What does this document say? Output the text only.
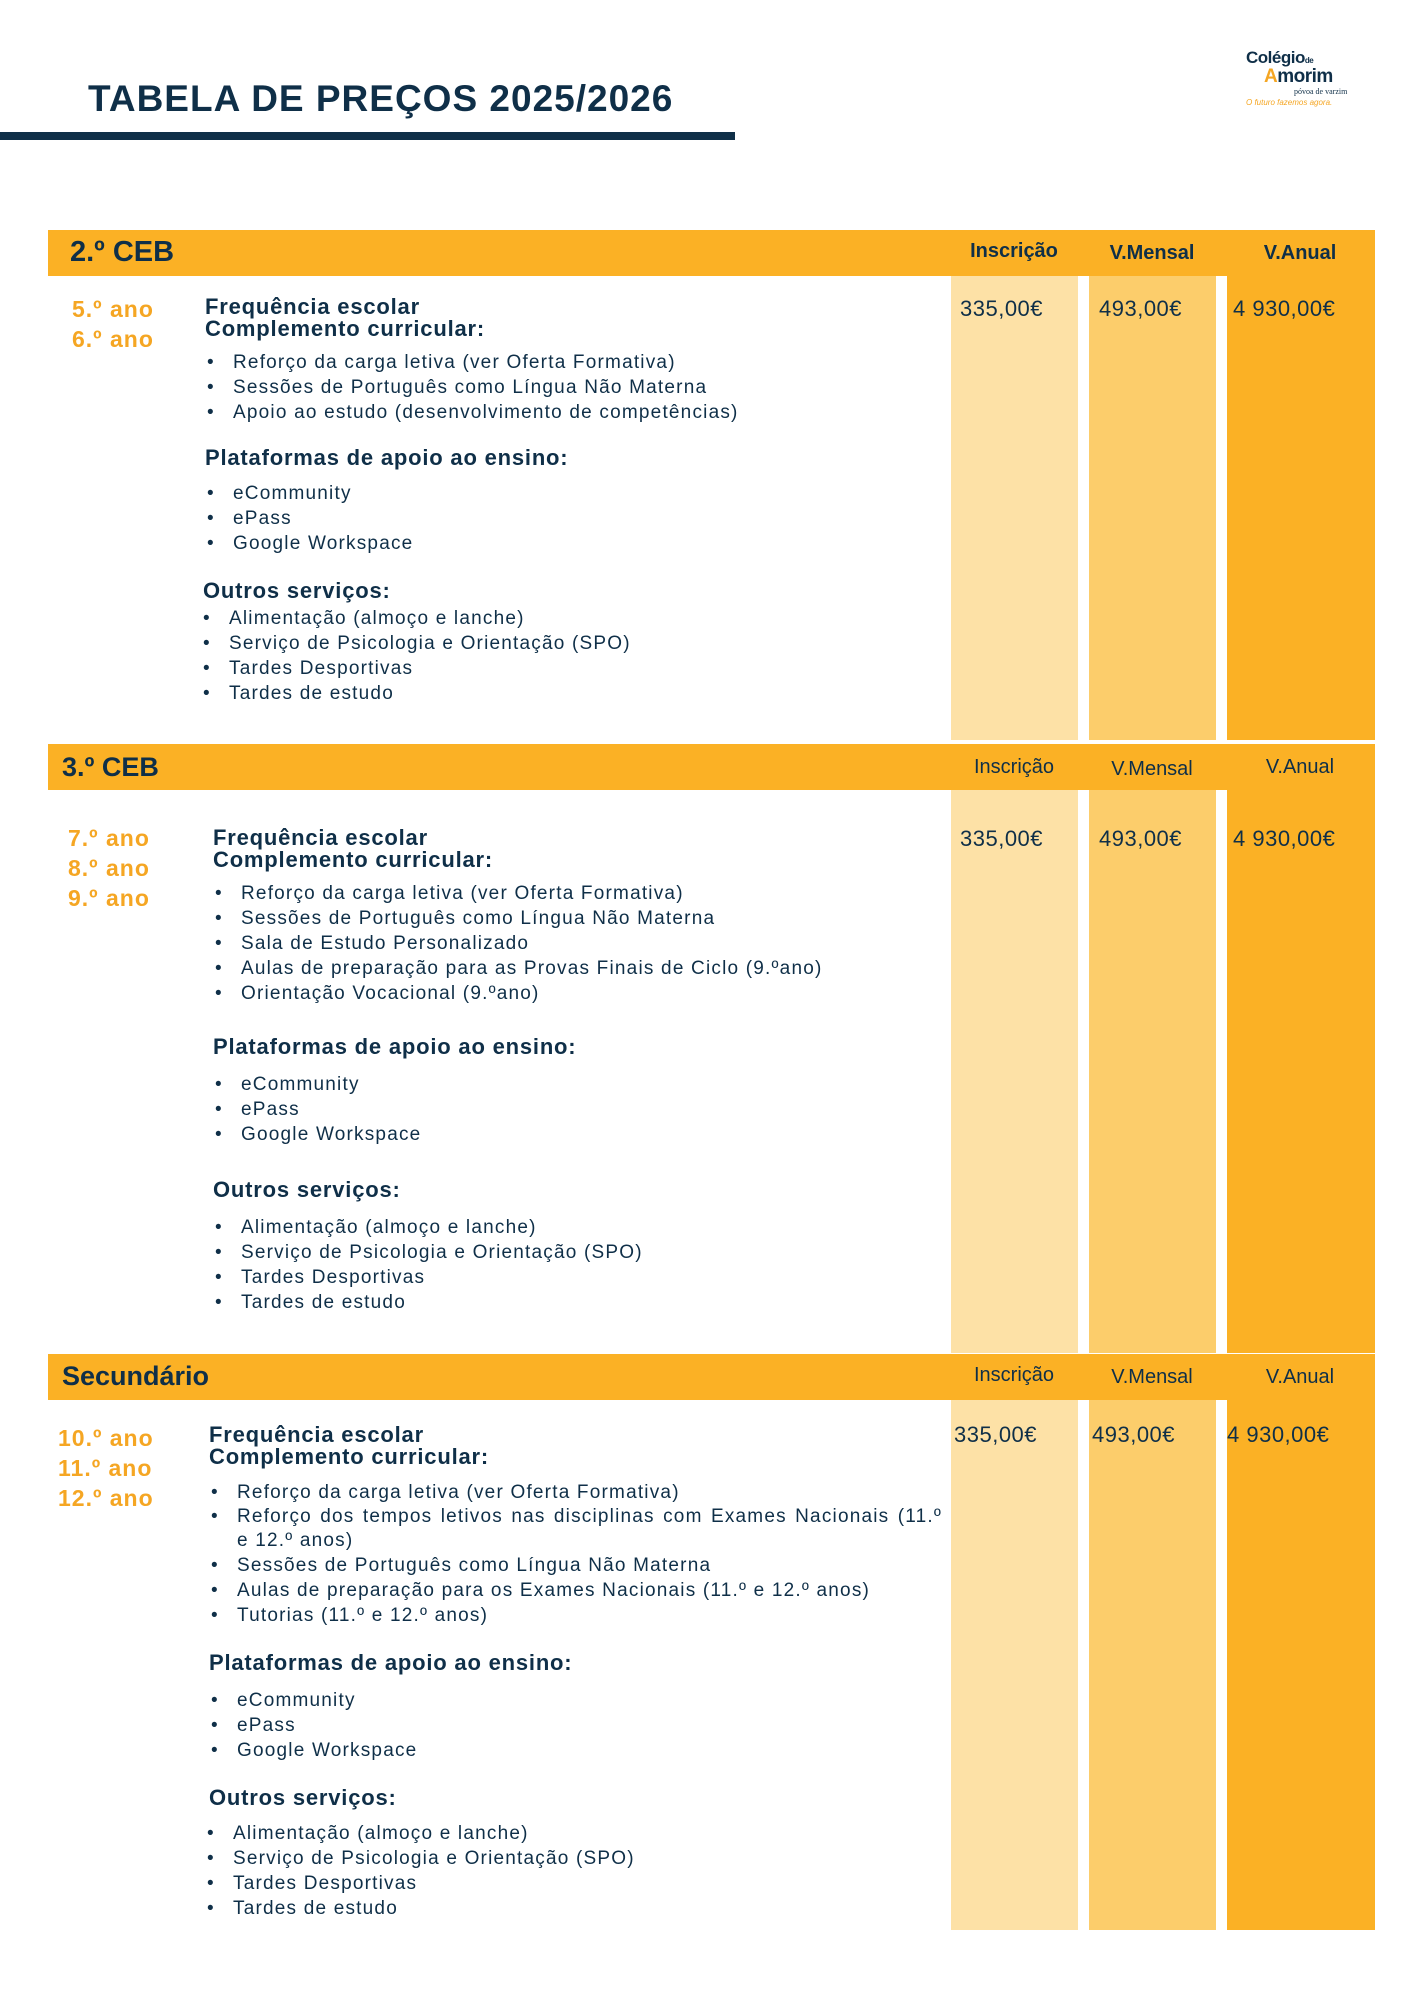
TABELA DE PREÇOS 2025/2026
Colégiode
Amorim
póvoa de varzim
O futuro fazemos agora.
2.º CEB	Inscrição	V.Mensal	V.Anual
5.º ano
6.º ano
335,00€	493,00€ 4 930,00€
Frequência escolar
Complemento curricular:
• Reforço da carga letiva (ver Oferta Formativa)
• Sessões de Português como Língua Não Materna
• Apoio ao estudo (desenvolvimento de competências)
Plataformas de apoio ao ensino:
• eCommunity
• ePass
• Google Workspace
Outros serviços:
• Alimentação (almoço e lanche)
• Serviço de Psicologia e Orientação (SPO)
• Tardes Desportivas
• Tardes de estudo
3.º CEB	Inscrição	V.Mensal	V.Anual
7.º ano
8.º ano
9.º ano
335,00€	493,00€ 4 930,00€
Frequência escolar
Complemento curricular:
• Reforço da carga letiva (ver Oferta Formativa)
• Sessões de Português como Língua Não Materna
• Sala de Estudo Personalizado
• Aulas de preparação para as Provas Finais de Ciclo (9.ºano)
• Orientação Vocacional (9.ºano)
Plataformas de apoio ao ensino:
• eCommunity
• ePass
• Google Workspace
Outros serviços:
• Alimentação (almoço e lanche)
• Serviço de Psicologia e Orientação (SPO)
• Tardes Desportivas
• Tardes de estudo
Secundário	Inscrição	V.Mensal	V.Anual
10.º ano
11.º ano
12.º ano
335,00€ 493,00€ 4 930,00€
Frequência escolar
Complemento curricular:
• Reforço da carga letiva (ver Oferta Formativa)
• Reforço dos tempos letivos nas disciplinas com Exames Nacionais (11.º e 12.º anos)
• Sessões de Português como Língua Não Materna
• Aulas de preparação para os Exames Nacionais (11.º e 12.º anos)
• Tutorias (11.º e 12.º anos)
Plataformas de apoio ao ensino:
• eCommunity
• ePass
• Google Workspace
Outros serviços:
• Alimentação (almoço e lanche)
• Serviço de Psicologia e Orientação (SPO)
• Tardes Desportivas
• Tardes de estudo
